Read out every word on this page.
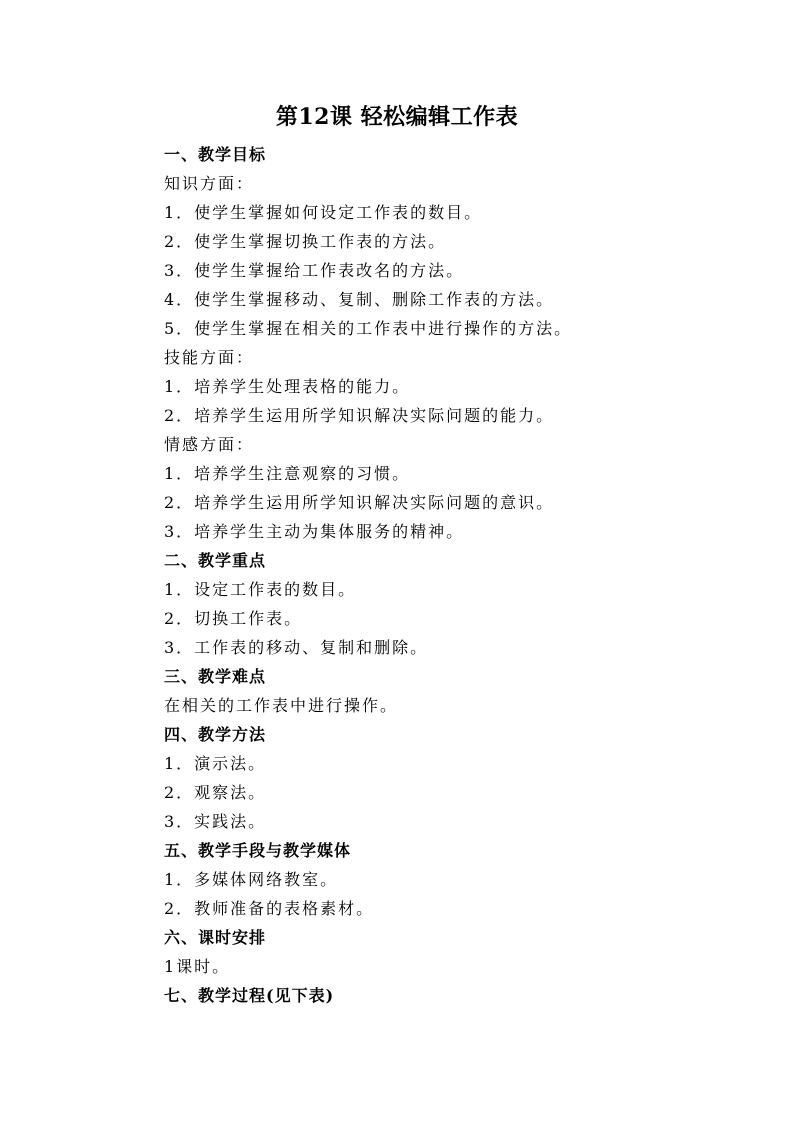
第12课 轻松编辑工作表
一、教学目标
知识方面：
1．使学生掌握如何设定工作表的数目。
2．使学生掌握切换工作表的方法。
3．使学生掌握给工作表改名的方法。
4．使学生掌握移动、复制、删除工作表的方法。
5．使学生掌握在相关的工作表中进行操作的方法。
技能方面：
1．培养学生处理表格的能力。
2．培养学生运用所学知识解决实际问题的能力。
情感方面：
1．培养学生注意观察的习惯。
2．培养学生运用所学知识解决实际问题的意识。
3．培养学生主动为集体服务的精神。
二、教学重点
1．设定工作表的数目。
2．切换工作表。
3．工作表的移动、复制和删除。
三、教学难点
在相关的工作表中进行操作。
四、教学方法
1．演示法。
2．观察法。
3．实践法。
五、教学手段与教学媒体
1．多媒体网络教室。
2．教师准备的表格素材。
六、课时安排
1课时。
七、教学过程(见下表)
